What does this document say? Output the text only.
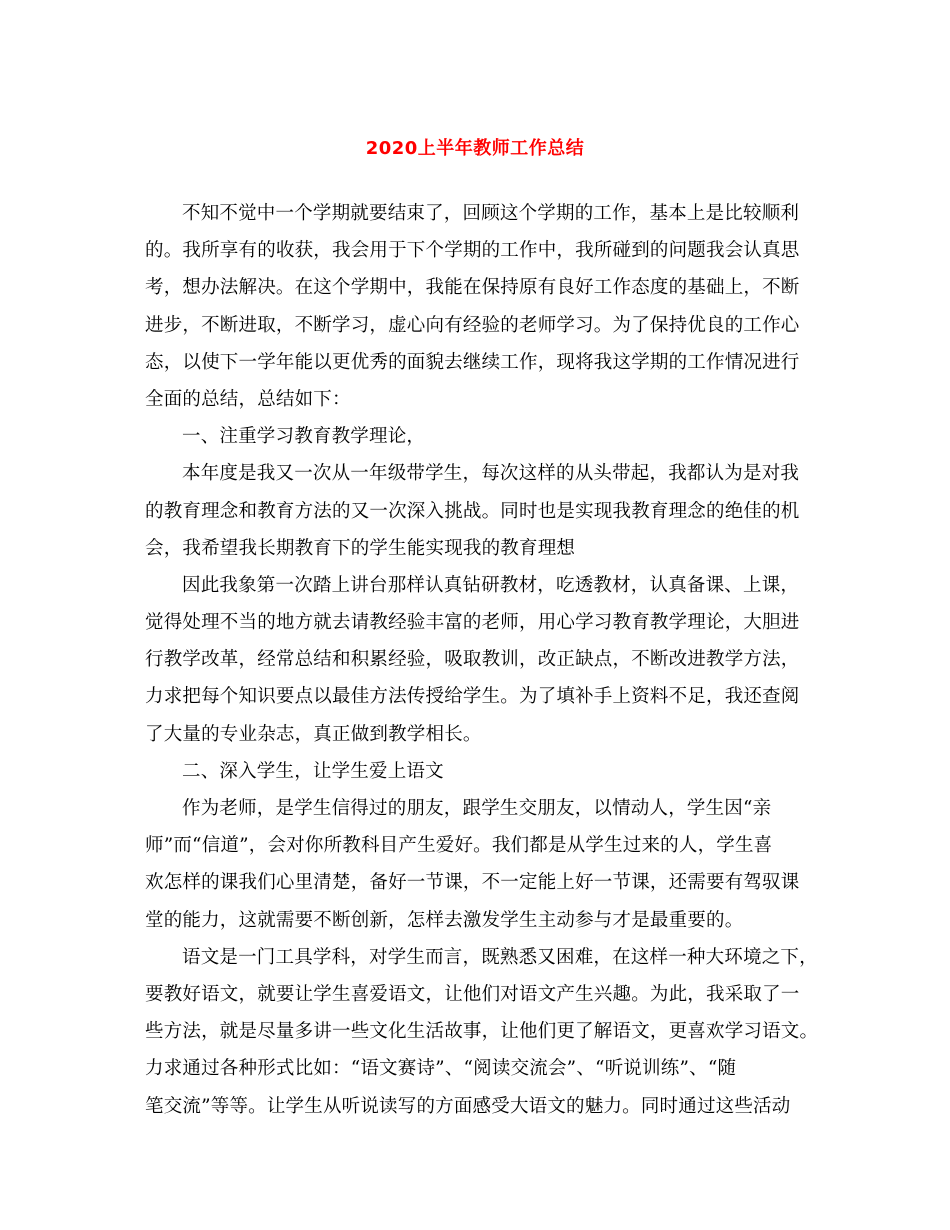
2020上半年教师工作总结
不知不觉中一个学期就要结束了，回顾这个学期的工作，基本上是比较顺利
的。我所享有的收获，我会用于下个学期的工作中，我所碰到的问题我会认真思
考，想办法解决。在这个学期中，我能在保持原有良好工作态度的基础上，不断
进步，不断进取，不断学习，虚心向有经验的老师学习。为了保持优良的工作心
态，以使下一学年能以更优秀的面貌去继续工作，现将我这学期的工作情况进行
全面的总结，总结如下：
一、注重学习教育教学理论，
本年度是我又一次从一年级带学生，每次这样的从头带起，我都认为是对我
的教育理念和教育方法的又一次深入挑战。同时也是实现我教育理念的绝佳的机
会，我希望我长期教育下的学生能实现我的教育理想
因此我象第一次踏上讲台那样认真钻研教材，吃透教材，认真备课、上课，
觉得处理不当的地方就去请教经验丰富的老师，用心学习教育教学理论，大胆进
行教学改革，经常总结和积累经验，吸取教训，改正缺点，不断改进教学方法，
力求把每个知识要点以最佳方法传授给学生。为了填补手上资料不足，我还查阅
了大量的专业杂志，真正做到教学相长。
二、深入学生，让学生爱上语文
作为老师，是学生信得过的朋友，跟学生交朋友，以情动人，学生因“亲
师”而“信道”，会对你所教科目产生爱好。我们都是从学生过来的人，学生喜
欢怎样的课我们心里清楚，备好一节课，不一定能上好一节课，还需要有驾驭课
堂的能力，这就需要不断创新，怎样去激发学生主动参与才是最重要的。
语文是一门工具学科，对学生而言，既熟悉又困难，在这样一种大环境之下，
要教好语文，就要让学生喜爱语文，让他们对语文产生兴趣。为此，我采取了一
些方法，就是尽量多讲一些文化生活故事，让他们更了解语文，更喜欢学习语文。
力求通过各种形式比如：“语文赛诗”、“阅读交流会”、“听说训练”、“随
笔交流”等等。让学生从听说读写的方面感受大语文的魅力。同时通过这些活动
